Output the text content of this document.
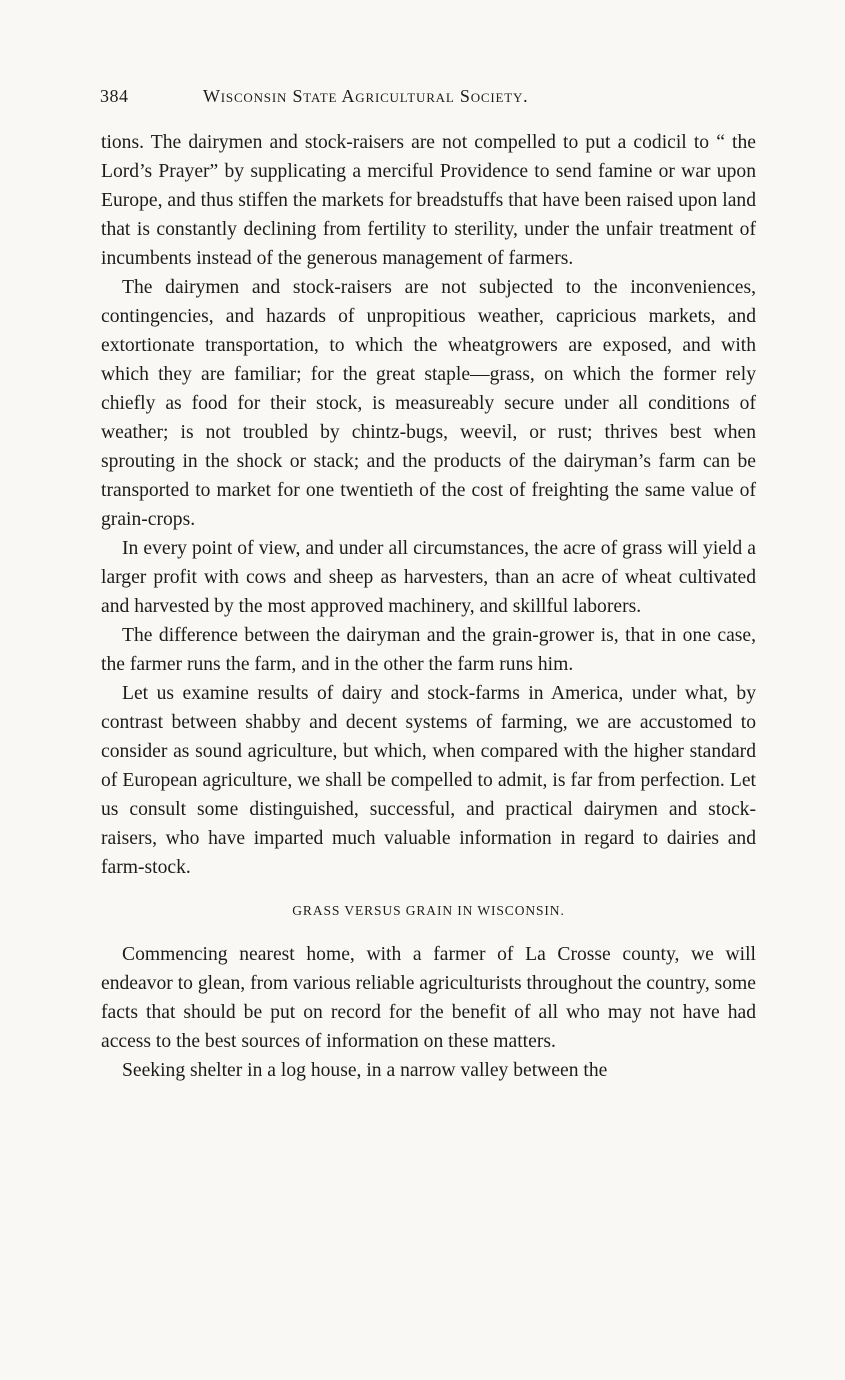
384	Wisconsin State Agricultural Society.

tions. The dairymen and stock-raisers are not compelled to put a codicil to “ the Lord’s Prayer” by supplicating a merciful Providence to send famine or war upon Europe, and thus stiffen the markets for breadstuffs that have been raised upon land that is constantly declining from fertility to sterility, under the unfair treatment of incumbents instead of the generous management of farmers.

The dairymen and stock-raisers are not subjected to the inconveniences, contingencies, and hazards of unpropitious weather, capricious markets, and extortionate transportation, to which the wheatgrowers are exposed, and with which they are familiar; for the great staple—grass, on which the former rely chiefly as food for their stock, is measureably secure under all conditions of weather; is not troubled by chintz-bugs, weevil, or rust; thrives best when sprouting in the shock or stack; and the products of the dairyman’s farm can be transported to market for one twentieth of the cost of freighting the same value of grain-crops.

In every point of view, and under all circumstances, the acre of grass will yield a larger profit with cows and sheep as harvesters, than an acre of wheat cultivated and harvested by the most approved machinery, and skillful laborers.

The difference between the dairyman and the grain-grower is, that in one case, the farmer runs the farm, and in the other the farm runs him.

Let us examine results of dairy and stock-farms in America, under what, by contrast between shabby and decent systems of farming, we are accustomed to consider as sound agriculture, but which, when compared with the higher standard of European agriculture, we shall be compelled to admit, is far from perfection. Let us consult some distinguished, successful, and practical dairymen and stock-raisers, who have imparted much valuable information in regard to dairies and farm-stock.

GRASS VERSUS GRAIN IN WISCONSIN.

Commencing nearest home, with a farmer of La Crosse county, we will endeavor to glean, from various reliable agriculturists throughout the country, some facts that should be put on record for the benefit of all who may not have had access to the best sources of information on these matters.

Seeking shelter in a log house, in a narrow valley between the
